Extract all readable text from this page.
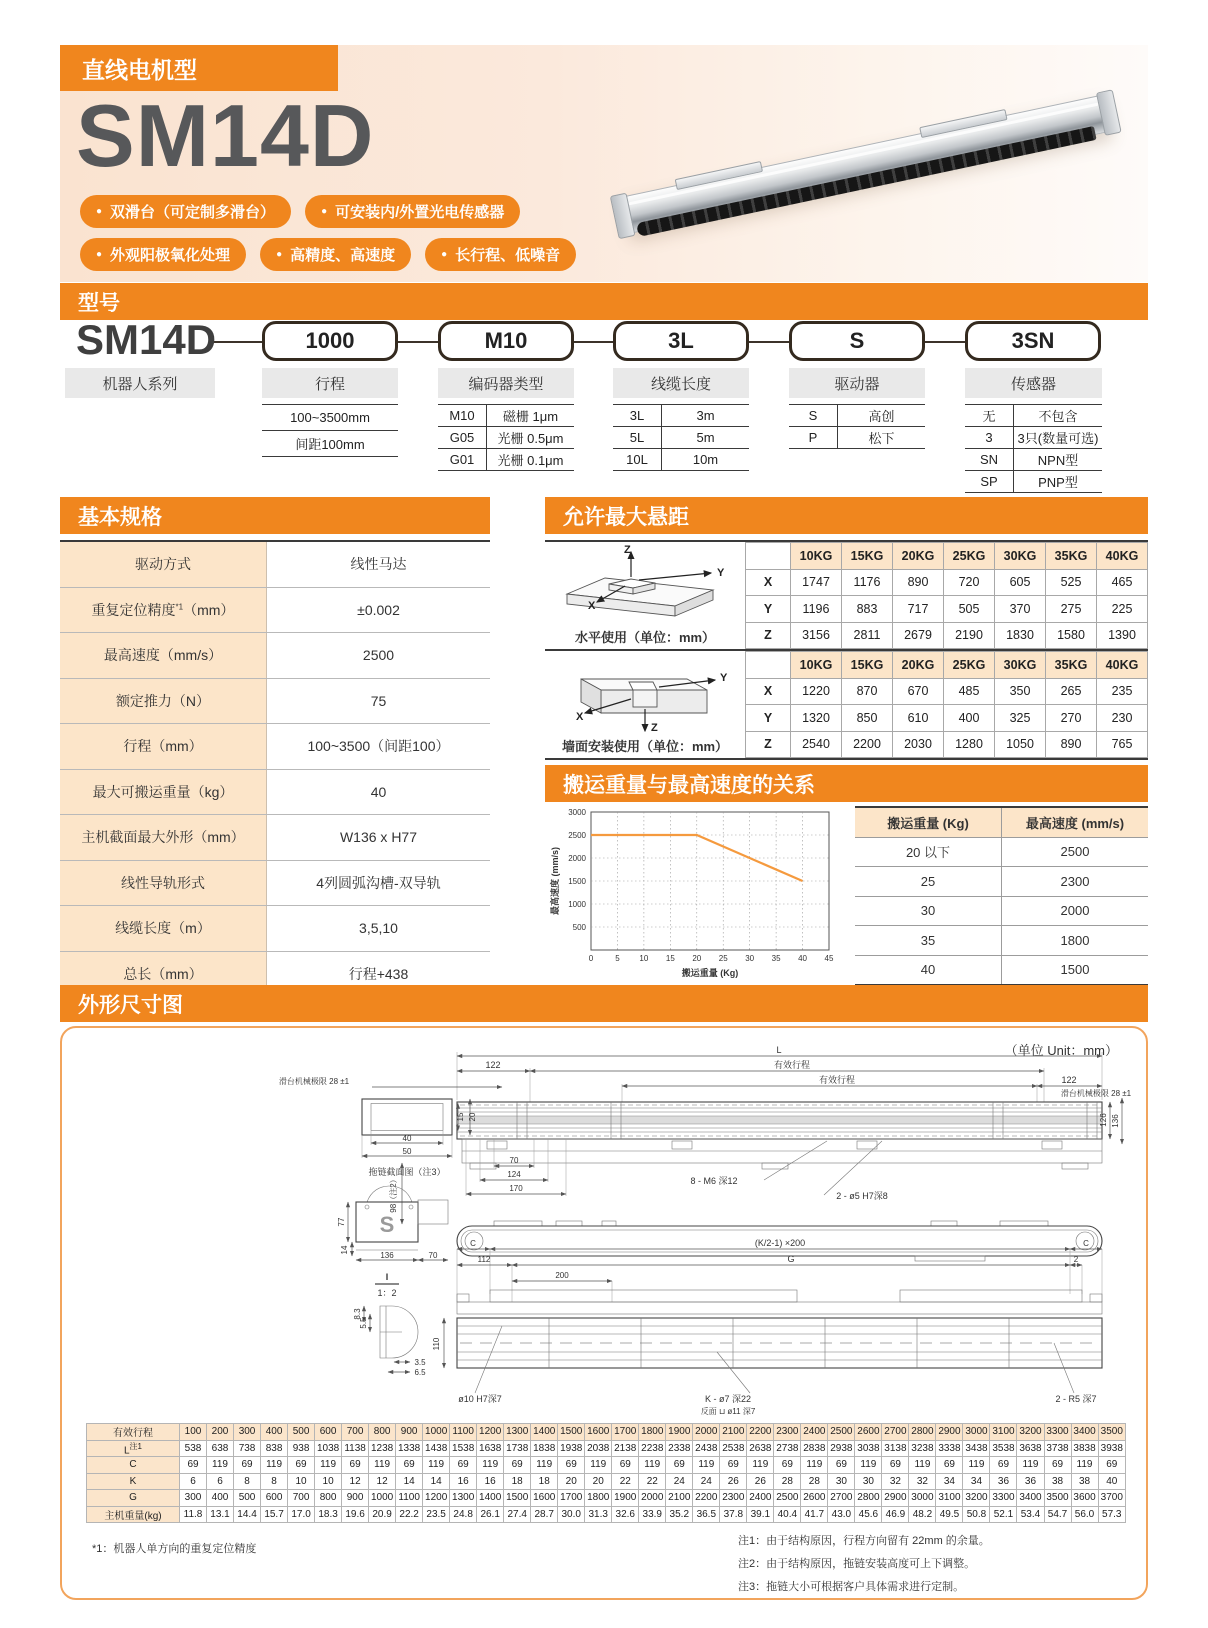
直线电机型
SM14D
● 双滑台（可定制多滑台）	● 可安装内/外置光电传感器
● 外观阳极氧化处理	● 高精度、高速度	● 长行程、低噪音
型号
SM14D	1000	M10	3L	S	3SN
机器人系列	行程	编码器类型	线缆长度	驱动器	传感器
100~3500mm
间距100mm
M10	磁栅 1μm
G05	光栅 0.5μm
G01	光栅 0.1μm
3L	3m
5L	5m
10L	10m
S	高创
P	松下
无	不包含
3	3只(数量可选)
SN	NPN型
SP	PNP型
基本规格
驱动方式	线性马达
重复定位精度$^{*1}$（mm）	±0.002
最高速度（mm/s）	2500
额定推力（N）	75
行程（mm）	100~3500（间距100）
最大可搬运重量（kg）	40
主机截面最大外形（mm）	W136 x H77
线性导轨形式	4列圆弧沟槽-双导轨
线缆长度（m）	3,5,10
总长（mm）	行程+438
允许最大悬距
Z
Y
X
水平使用（单位：mm）
	10KG	15KG	20KG	25KG	30KG	35KG	40KG
X	1747	1176	890	720	605	525	465
Y	1196	883	717	505	370	275	225
Z	3156	2811	2679	2190	1830	1580	1390
Y
Z
X
墙面安装使用（单位：mm）
	10KG	15KG	20KG	25KG	30KG	35KG	40KG
X	1220	870	670	485	350	265	235
Y	1320	850	610	400	325	270	230
Z	2540	2200	2030	1280	1050	890	765
搬运重量与最高速度的关系
0	5 10 15 20 25 30 35 40 45
500
1000
1500
2000
2500
3000
最高速度 (mm/s)
搬运重量 (Kg)
搬运重量 (Kg)	最高速度 (mm/s)
20 以下	2500
25	2300
30	2000
35	1800
40	1500
外形尺寸图
（单位 Unit：mm）
L
有效行程
122
有效行程	122
滑台机械极限 28 ±1
滑台机械极限 28 ±1
40
50
15 20
拖链截面图（注3）
98（注2）
70
124
170
8 - M6 深12
2 - ø5 H7深8
126 136
S
77
14
136	70
I
1：2
8.3
5.5
3.5
6.5
C	(K/2-1) ×200	C
112	G	2
200
110
ø10 H7深7	K - ø7 深22
反面 ⊔ ø11 深7
2 - R5 深7
有效行程	100	200	300	400	500	600	700	800	900	1000	1100	1200	1300	1400	1500	1600	1700	1800	1900	2000	2100	2200	2300	2400	2500	2600	2700	2800	2900	3000	3100	3200	3300	3400	3500
$L^{注1}$	538	638	738	838	938	1038	1138	1238	1338	1438	1538	1638	1738	1838	1938	2038	2138	2238	2338	2438	2538	2638	2738	2838	2938	3038	3138	3238	3338	3438	3538	3638	3738	3838	3938
C	69	119	69	119	69	119	69	119	69	119	69	119	69	119	69	119	69	119	69	119	69	119	69	119	69	119	69	119	69	119	69	119	69	119	69
K	6	6	8	8	10	10	12	12	14	14	16	16	18	18	20	20	22	22	24	24	26	26	28	28	30	30	32	32	34	34	36	36	38	38	40
G	300	400	500	600	700	800	900	1000	1100	1200	1300	1400	1500	1600	1700	1800	1900	2000	2100	2200	2300	2400	2500	2600	2700	2800	2900	3000	3100	3200	3300	3400	3500	3600	3700
主机重量(kg)	11.8	13.1	14.4	15.7	17.0	18.3	19.6	20.9	22.2	23.5	24.8	26.1	27.4	28.7	30.0	31.3	32.6	33.9	35.2	36.5	37.8	39.1	40.4	41.7	43.0	45.6	46.9	48.2	49.5	50.8	52.1	53.4	54.7	56.0	57.3
*1：机器人单方向的重复定位精度
注1：由于结构原因，行程方向留有 22mm 的余量。
注2：由于结构原因，拖链安装高度可上下调整。
注3：拖链大小可根据客户具体需求进行定制。
